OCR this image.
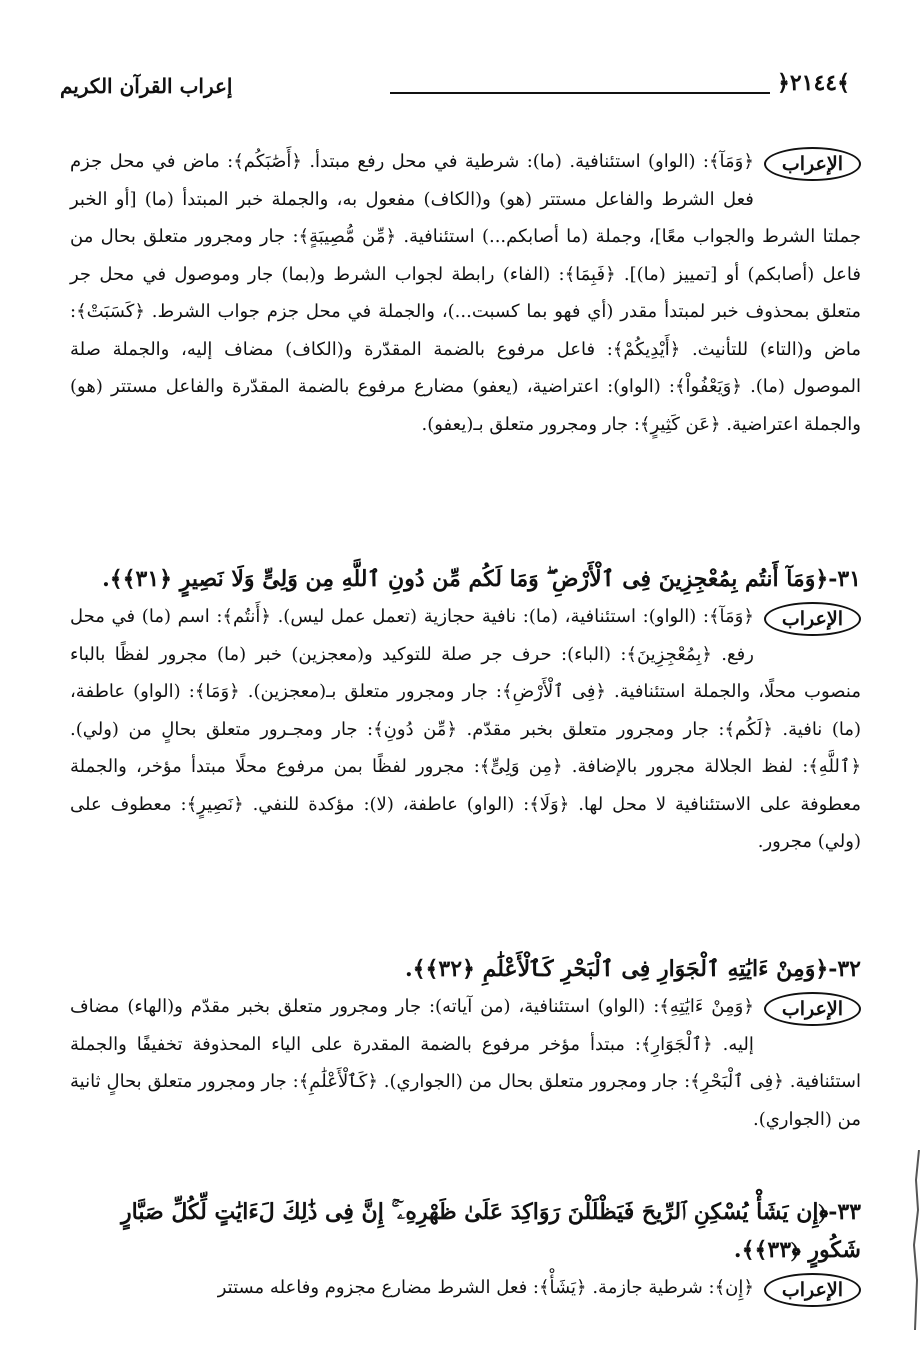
إعراب القرآن الكريم	﴿٢١٤٤﴾
الإعراب
﴿وَمَآ﴾: (الواو) استئنافية. (ما): شرطية في محل رفع مبتدأ. ﴿أَصَٰبَكُم﴾: ماض في محل جزم فعل الشرط والفاعل مستتر (هو) و(الكاف) مفعول به، والجملة خبر المبتدأ (ما) [أو الخبر جملتا الشرط والجواب معًا]، وجملة (ما أصابكم...) استئنافية. ﴿مِّن مُّصِيبَةٍ﴾: جار ومجرور متعلق بحال من فاعل (أصابكم) أو [تمييز (ما)]. ﴿فَبِمَا﴾: (الفاء) رابطة لجواب الشرط و(بما) جار وموصول في محل جر متعلق بمحذوف خبر لمبتدأ مقدر (أي فهو بما كسبت...)، والجملة في محل جزم جواب الشرط. ﴿كَسَبَتْ﴾: ماض و(التاء) للتأنيث. ﴿أَيْدِيكُمْ﴾: فاعل مرفوع بالضمة المقدّرة و(الكاف) مضاف إليه، والجملة صلة الموصول (ما). ﴿وَيَعْفُواْ﴾: (الواو): اعتراضية، (يعفو) مضارع مرفوع بالضمة المقدّرة والفاعل مستتر (هو) والجملة اعتراضية. ﴿عَن كَثِيرٍ﴾: جار ومجرور متعلق بـ(يعفو).
٣١-﴿وَمَآ أَنتُم بِمُعْجِزِينَ فِى ٱلْأَرْضِ ۖ وَمَا لَكُم مِّن دُونِ ٱللَّهِ مِن وَلِىٍّ وَلَا نَصِيرٍ ﴿٣١﴾﴾.
الإعراب
﴿وَمَآ﴾: (الواو): استئنافية، (ما): نافية حجازية (تعمل عمل ليس). ﴿أَنتُم﴾: اسم (ما) في محل رفع. ﴿بِمُعْجِزِينَ﴾: (الباء): حرف جر صلة للتوكيد و(معجزين) خبر (ما) مجرور لفظًا بالباء منصوب محلًا، والجملة استئنافية. ﴿فِى ٱلْأَرْضِ﴾: جار ومجرور متعلق بـ(معجزين). ﴿وَمَا﴾: (الواو) عاطفة، (ما) نافية. ﴿لَكُم﴾: جار ومجرور متعلق بخبر مقدّم. ﴿مِّن دُونِ﴾: جار ومجـرور متعلق بحالٍ من (ولي). ﴿ٱللَّهِ﴾: لفظ الجلالة مجرور بالإضافة. ﴿مِن وَلِىٍّ﴾: مجرور لفظًا بمن مرفوع محلًا مبتدأ مؤخر، والجملة معطوفة على الاستئنافية لا محل لها. ﴿وَلَا﴾: (الواو) عاطفة، (لا): مؤكدة للنفي. ﴿نَصِيرٍ﴾: معطوف على (ولي) مجرور.
٣٢-﴿وَمِنْ ءَايَٰتِهِ ٱلْجَوَارِ فِى ٱلْبَحْرِ كَٱلْأَعْلَٰمِ ﴿٣٢﴾﴾.
الإعراب
﴿وَمِنْ ءَايَٰتِهِ﴾: (الواو) استئنافية، (من آياته): جار ومجرور متعلق بخبر مقدّم و(الهاء) مضاف إليه. ﴿ٱلْجَوَارِ﴾: مبتدأ مؤخر مرفوع بالضمة المقدرة على الياء المحذوفة تخفيفًا والجملة استئنافية. ﴿فِى ٱلْبَحْرِ﴾: جار ومجرور متعلق بحال من (الجواري). ﴿كَٱلْأَعْلَٰمِ﴾: جار ومجرور متعلق بحالٍ ثانية من (الجواري).
٣٣-﴿إِن يَشَأْ يُسْكِنِ ٱلرِّيحَ فَيَظْلَلْنَ رَوَاكِدَ عَلَىٰ ظَهْرِهِۦٓ ۚ إِنَّ فِى ذَٰلِكَ لَءَايَٰتٍ لِّكُلِّ صَبَّارٍ شَكُورٍ ﴿٣٣﴾﴾.
الإعراب
﴿إِن﴾: شرطية جازمة. ﴿يَشَأْ﴾: فعل الشرط مضارع مجزوم وفاعله مستتر
